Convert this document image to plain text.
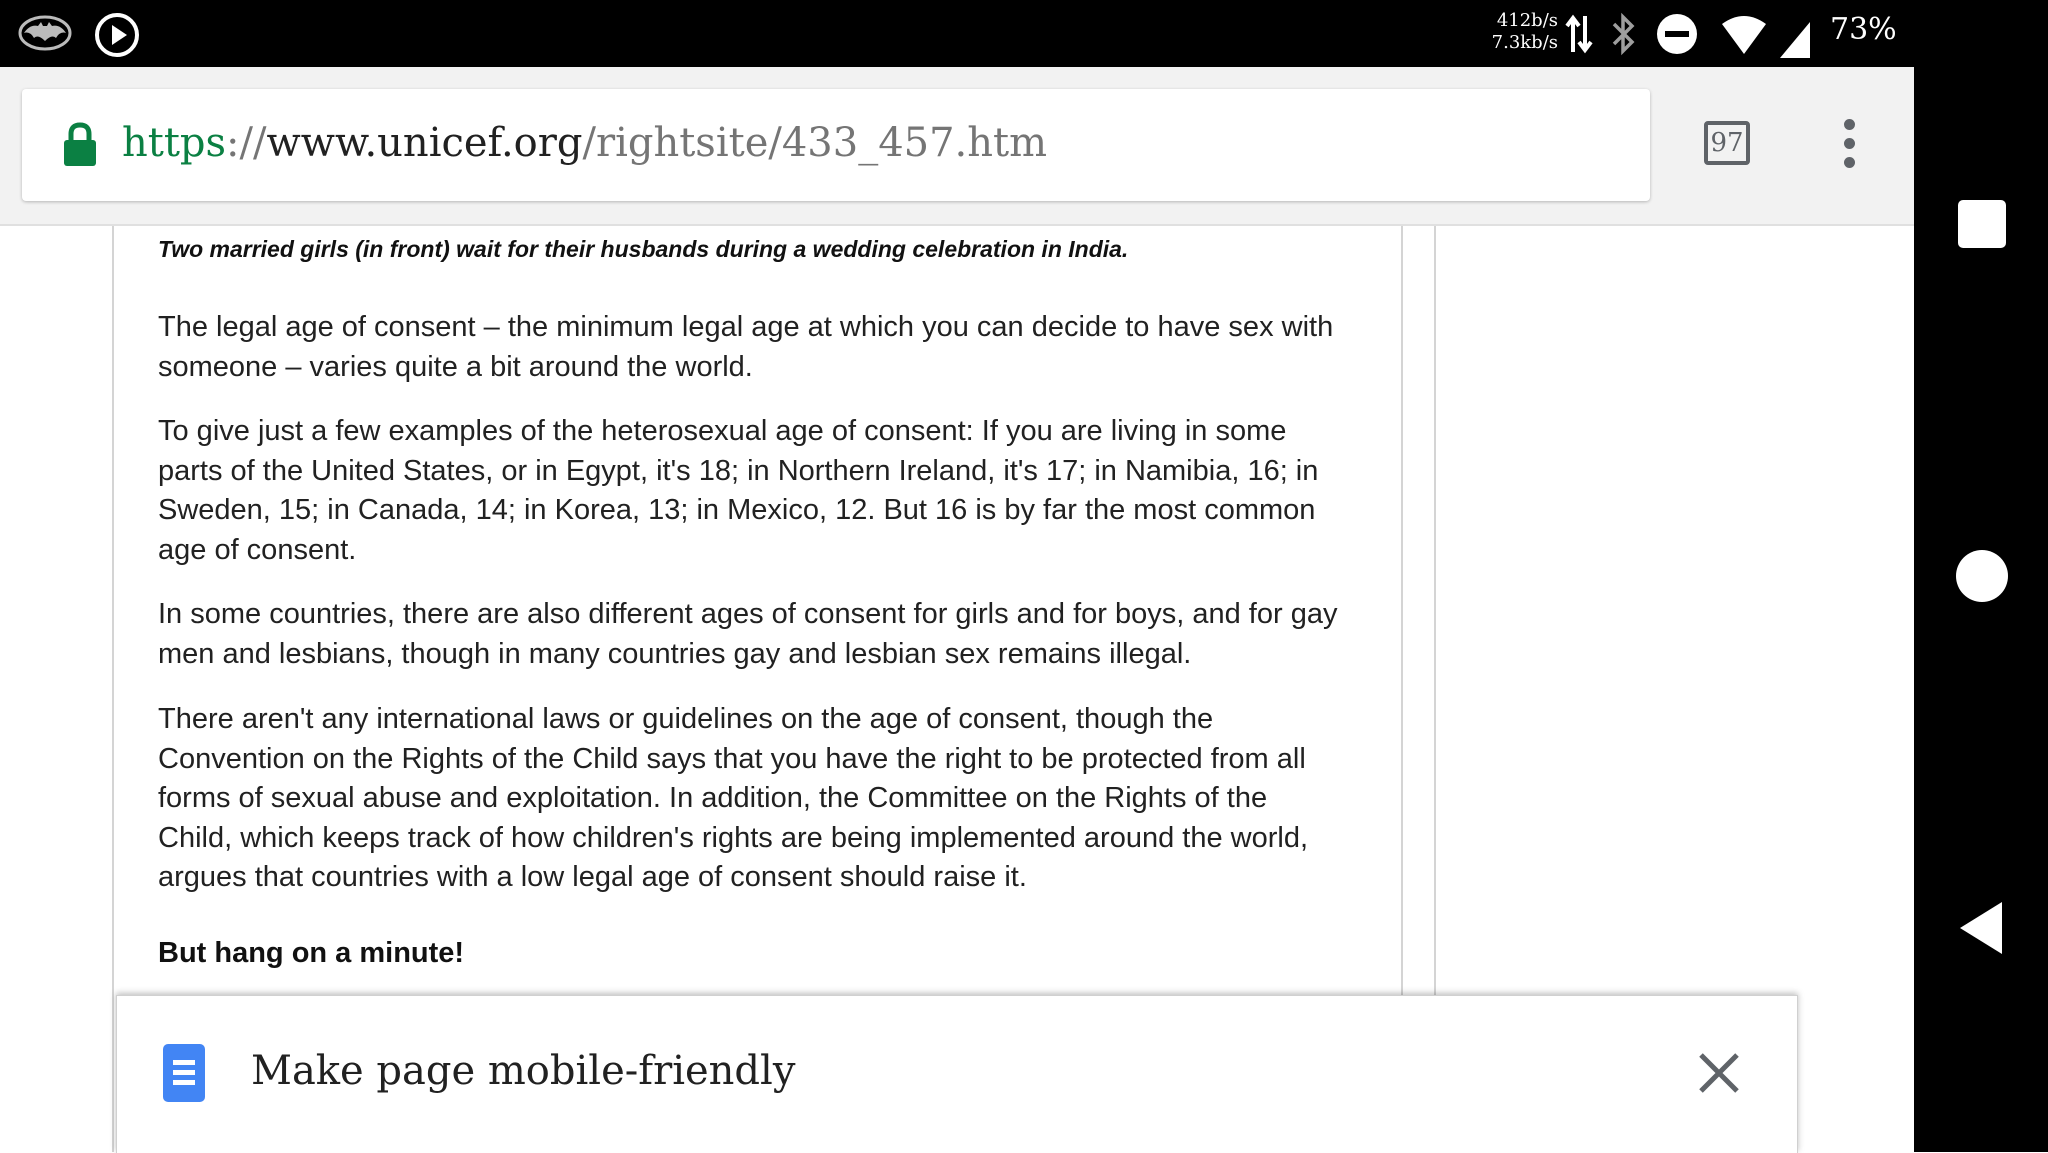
412b/s
7.3kb/s	73%
https://www.unicef.org/rightsite/433_457.htm	97
Two married girls (in front) wait for their husbands during a wedding celebration in India.

The legal age of consent – the minimum legal age at which you can decide to have sex with someone – varies quite a bit around the world.

To give just a few examples of the heterosexual age of consent: If you are living in some parts of the United States, or in Egypt, it's 18; in Northern Ireland, it's 17; in Namibia, 16; in Sweden, 15; in Canada, 14; in Korea, 13; in Mexico, 12. But 16 is by far the most common age of consent.

In some countries, there are also different ages of consent for girls and for boys, and for gay men and lesbians, though in many countries gay and lesbian sex remains illegal.

There aren't any international laws or guidelines on the age of consent, though the Convention on the Rights of the Child says that you have the right to be protected from all forms of sexual abuse and exploitation. In addition, the Committee on the Rights of the Child, which keeps track of how children's rights are being implemented around the world, argues that countries with a low legal age of consent should raise it.

But hang on a minute!
Make page mobile-friendly
